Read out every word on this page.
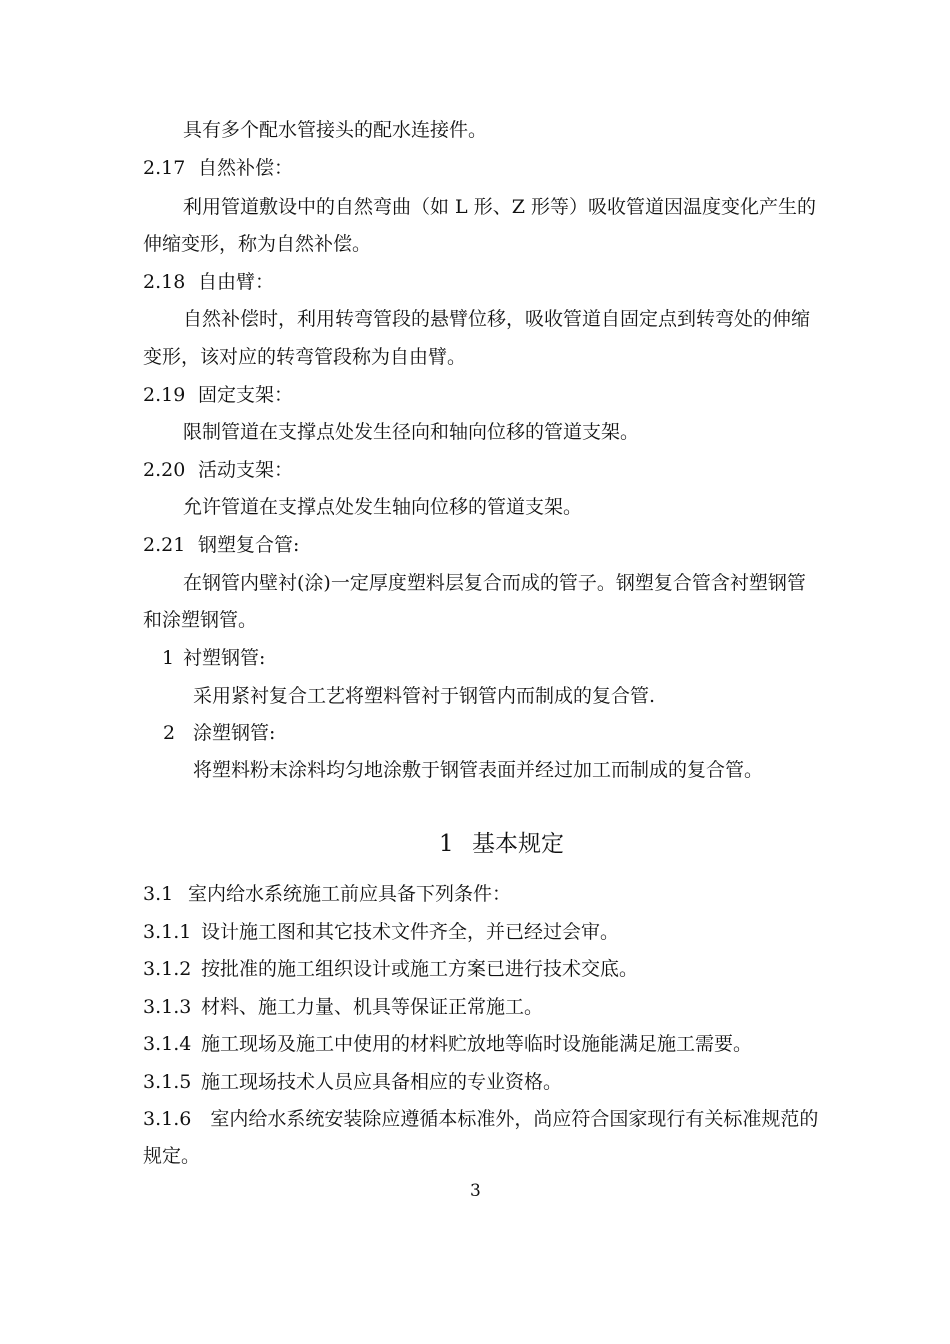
具有多个配水管接头的配水连接件。
2.17 自然补偿：
利用管道敷设中的自然弯曲（如 L 形、Z 形等）吸收管道因温度变化产生的
伸缩变形，称为自然补偿。
2.18 自由臂：
自然补偿时，利用转弯管段的悬臂位移，吸收管道自固定点到转弯处的伸缩
变形，该对应的转弯管段称为自由臂。
2.19 固定支架：
限制管道在支撑点处发生径向和轴向位移的管道支架。
2.20 活动支架：
允许管道在支撑点处发生轴向位移的管道支架。
2.21 钢塑复合管:
在钢管内壁衬(涂)一定厚度塑料层复合而成的管子。钢塑复合管含衬塑钢管
和涂塑钢管。
1 衬塑钢管:
采用紧衬复合工艺将塑料管衬于钢管内而制成的复合管.
2 涂塑钢管:
将塑料粉末涂料均匀地涂敷于钢管表面并经过加工而制成的复合管。
1 基本规定
3.1 室内给水系统施工前应具备下列条件：
3.1.1 设计施工图和其它技术文件齐全，并已经过会审。
3.1.2 按批准的施工组织设计或施工方案已进行技术交底。
3.1.3 材料、施工力量、机具等保证正常施工。
3.1.4 施工现场及施工中使用的材料贮放地等临时设施能满足施工需要。
3.1.5 施工现场技术人员应具备相应的专业资格。
3.1.6　室内给水系统安装除应遵循本标准外，尚应符合国家现行有关标准规范的
规定。
3
